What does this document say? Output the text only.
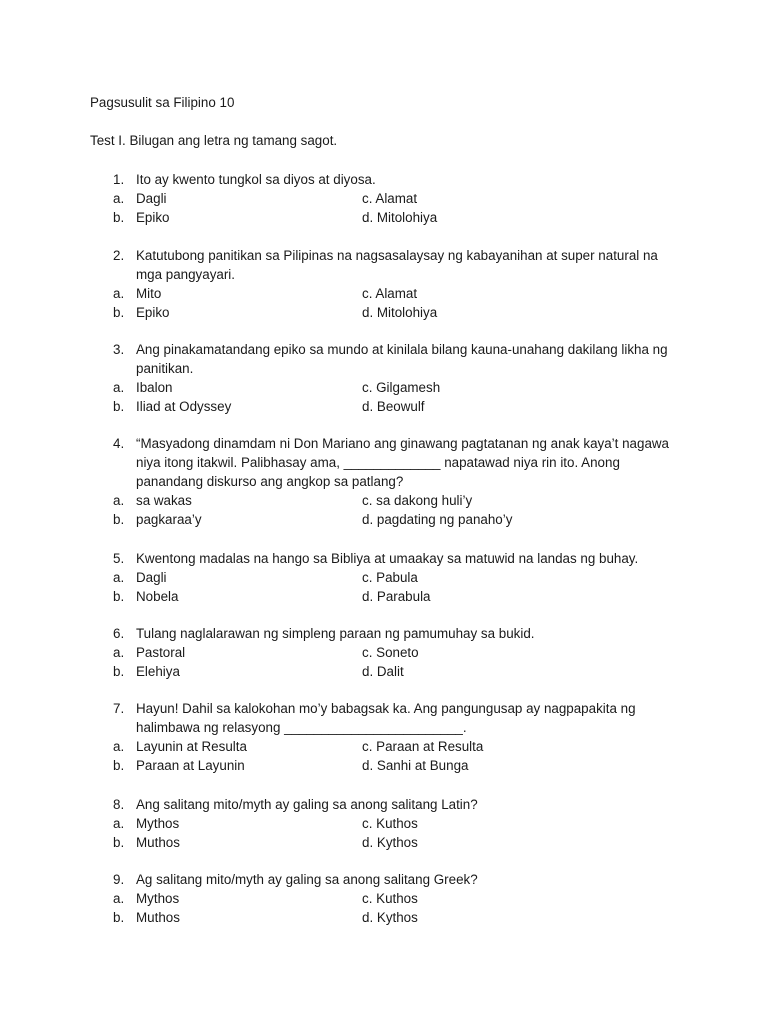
Pagsusulit sa Filipino 10
Test I. Bilugan ang letra ng tamang sagot.
1. Ito ay kwento tungkol sa diyos at diyosa.
a. Dagli	c. Alamat
b. Epiko	d. Mitolohiya
2. Katutubong panitikan sa Pilipinas na nagsasalaysay ng kabayanihan at super natural na mga pangyayari.
a. Mito	c. Alamat
b. Epiko	d. Mitolohiya
3. Ang pinakamatandang epiko sa mundo at kinilala bilang kauna-unahang dakilang likha ng panitikan.
a. Ibalon	c. Gilgamesh
b. Iliad at Odyssey	d. Beowulf
4. “Masyadong dinamdam ni Don Mariano ang ginawang pagtatanan ng anak kaya’t nagawa niya itong itakwil. Palibhasay ama, _____________ napatawad niya rin ito. Anong panandang diskurso ang angkop sa patlang?
a. sa wakas	c. sa dakong huli’y
b. pagkaraa’y	d. pagdating ng panaho’y
5. Kwentong madalas na hango sa Bibliya at umaakay sa matuwid na landas ng buhay.
a. Dagli	c. Pabula
b. Nobela	d. Parabula
6. Tulang naglalarawan ng simpleng paraan ng pamumuhay sa bukid.
a. Pastoral	c. Soneto
b. Elehiya	d. Dalit
7. Hayun! Dahil sa kalokohan mo’y babagsak ka. Ang pangungusap ay nagpapakita ng halimbawa ng relasyong ________________________.
a. Layunin at Resulta	c. Paraan at Resulta
b. Paraan at Layunin	d. Sanhi at Bunga
8. Ang salitang mito/myth ay galing sa anong salitang Latin?
a. Mythos	c. Kuthos
b. Muthos	d. Kythos
9. Ag salitang mito/myth ay galing sa anong salitang Greek?
a. Mythos	c. Kuthos
b. Muthos	d. Kythos
